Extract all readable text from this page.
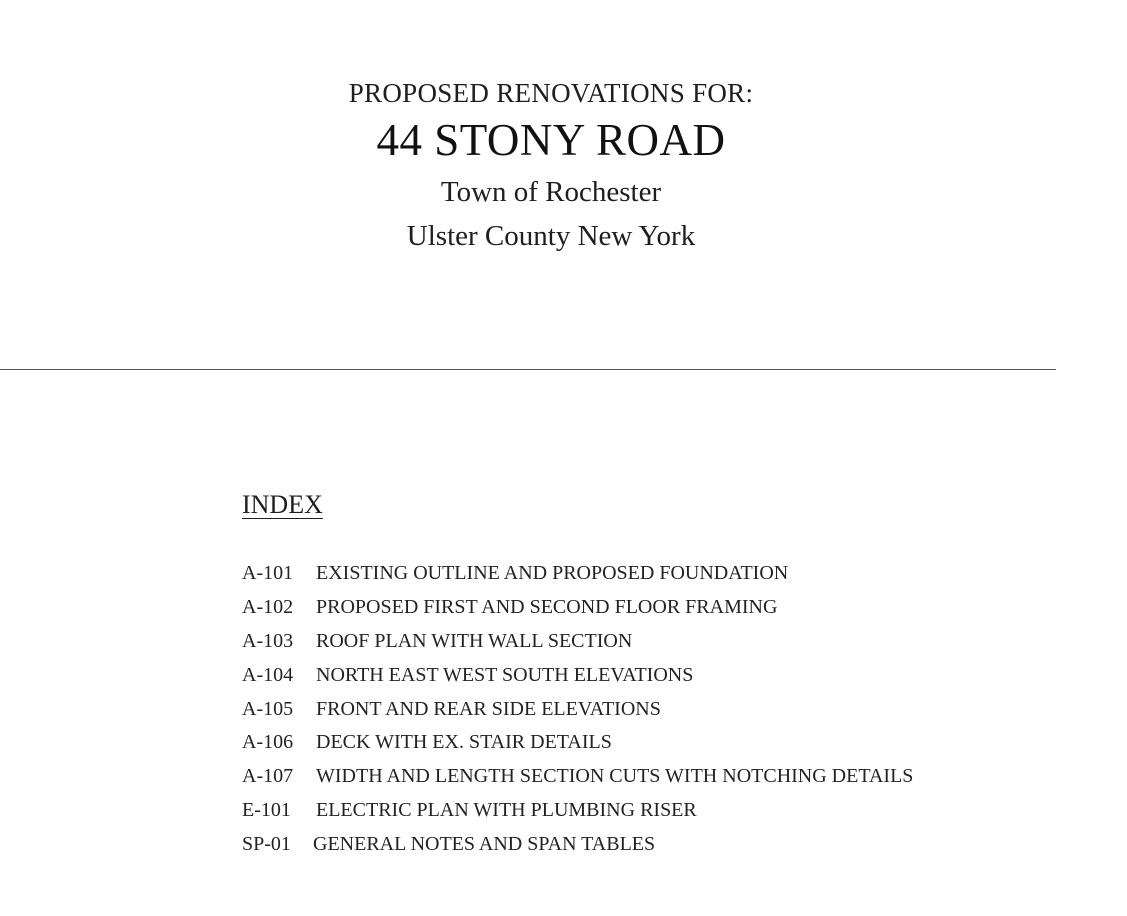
PROPOSED RENOVATIONS FOR:
44 STONY ROAD
Town of Rochester
Ulster County New York
INDEX
A-101 EXISTING OUTLINE AND PROPOSED FOUNDATION
A-102 PROPOSED FIRST AND SECOND FLOOR FRAMING
A-103 ROOF PLAN WITH WALL SECTION
A-104 NORTH EAST WEST SOUTH ELEVATIONS
A-105 FRONT AND REAR SIDE ELEVATIONS
A-106 DECK WITH EX. STAIR DETAILS
A-107 WIDTH AND LENGTH SECTION CUTS WITH NOTCHING DETAILS
E-101 ELECTRIC PLAN WITH PLUMBING RISER
SP-01 GENERAL NOTES AND SPAN TABLES
